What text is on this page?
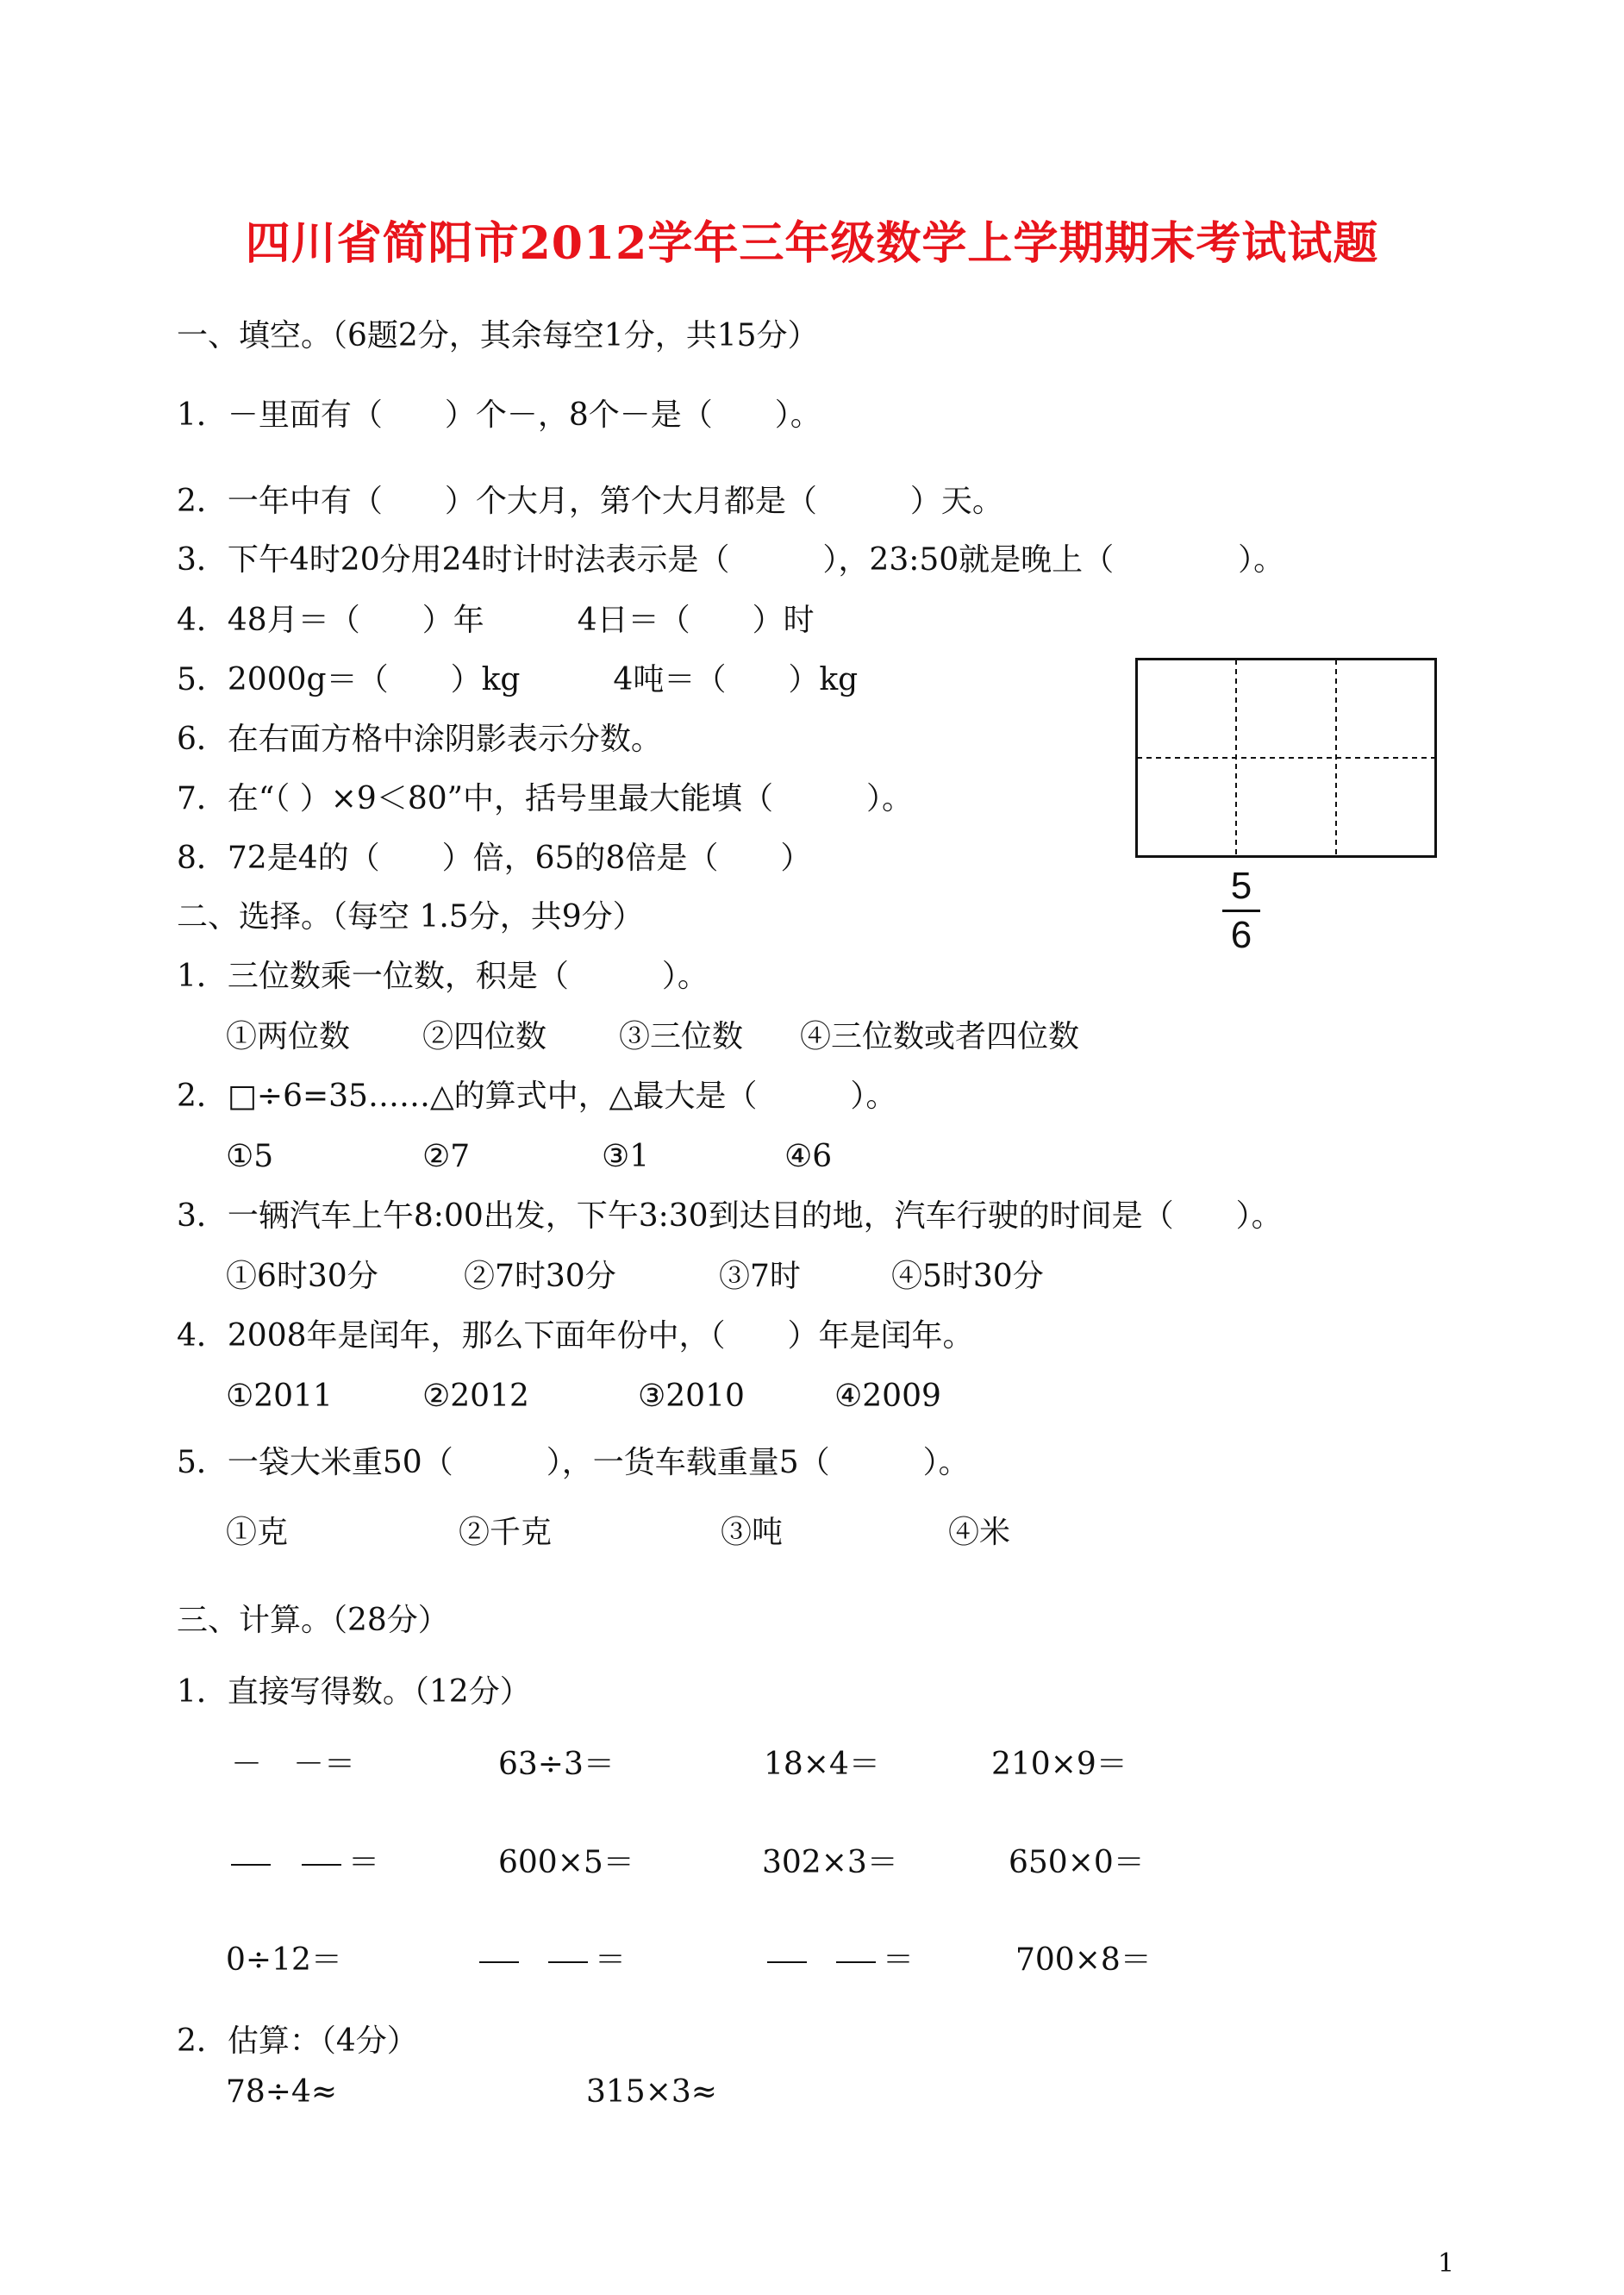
四川省简阳市2012学年三年级数学上学期期末考试试题
一、填空。（6题2分，其余每空1分，共15分）
1．－里面有（　　）个－，8个－是（　　）。
2．一年中有（　　）个大月，第个大月都是（　　　）天。
3．下午4时20分用24时计时法表示是（　　　），23:50就是晚上（　　　　）。
4．48月＝（　　）年　　　4日＝（　　）时
5．2000g＝（　　）kg　　　4吨＝（　　）kg
6．在右面方格中涂阴影表示分数。
7．在“（ ）×9＜80”中，括号里最大能填（　　　）。
8．72是4的（　　）倍，65的8倍是（　　）
5
6
二、选择。（每空 1.5分，共9分）
1．三位数乘一位数，积是（　　　）。
①两位数 ②四位数 ③三位数 ④三位数或者四位数
2．□÷6=35……△的算式中，△最大是（　　　）。
①5	②7	③1	④6
3．一辆汽车上午8:00出发，下午3:30到达目的地，汽车行驶的时间是（　　）。
①6时30分	②7时30分	③7时	④5时30分
4．2008年是闰年，那么下面年份中，（　　）年是闰年。
①2011	②2012	③2010	④2009
5．一袋大米重50（　　　），一货车载重量5（　　　）。
①克	②千克	③吨	④米
三、计算。（28分）
1．直接写得数。（12分）
－　－＝	63÷3＝	18×4＝	210×9＝
＝	600×5＝	302×3＝	650×0＝
0÷12＝	＝	＝	700×8＝
2．估算：（4分）
78÷4≈	315×3≈
1
